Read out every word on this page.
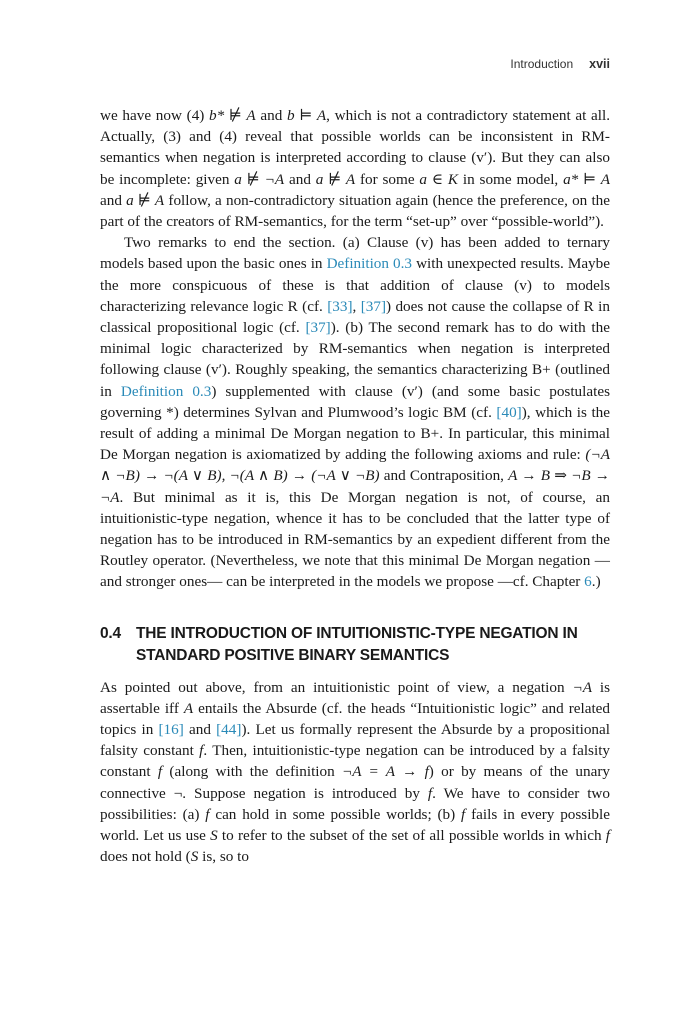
Introduction xvii

we have now (4) b* ⊭ A and b ⊨ A, which is not a contradictory statement at all. Actually, (3) and (4) reveal that possible worlds can be inconsistent in RM-semantics when negation is interpreted according to clause (v′). But they can also be incomplete: given a ⊭ ¬A and a ⊭ A for some a ∈ K in some model, a* ⊨ A and a ⊭ A follow, a non-contradictory situation again (hence the preference, on the part of the creators of RM-semantics, for the term “set-up” over “possible-world”).

Two remarks to end the section. (a) Clause (v) has been added to ternary models based upon the basic ones in Definition 0.3 with unexpected results. Maybe the more conspicuous of these is that addition of clause (v) to models characterizing relevance logic R (cf. [33], [37]) does not cause the collapse of R in classical propositional logic (cf. [37]). (b) The second remark has to do with the minimal logic characterized by RM-semantics when negation is interpreted following clause (v′). Roughly speaking, the semantics characterizing B+ (outlined in Definition 0.3) supplemented with clause (v′) (and some basic postulates governing *) determines Sylvan and Plumwood’s logic BM (cf. [40]), which is the result of adding a minimal De Morgan negation to B+. In particular, this minimal De Morgan negation is axiomatized by adding the following axioms and rule: (¬A ∧ ¬B) → ¬(A ∨ B), ¬(A ∧ B) → (¬A ∨ ¬B) and Contraposition, A → B ⇒ ¬B → ¬A. But minimal as it is, this De Morgan negation is not, of course, an intuitionistic-type negation, whence it has to be concluded that the latter type of negation has to be introduced in RM-semantics by an expedient different from the Routley operator. (Nevertheless, we note that this minimal De Morgan negation —and stronger ones— can be interpreted in the models we propose —cf. Chapter 6.)

0.4 THE INTRODUCTION OF INTUITIONISTIC-TYPE NEGATION IN STANDARD POSITIVE BINARY SEMANTICS

As pointed out above, from an intuitionistic point of view, a negation ¬A is assertable iff A entails the Absurde (cf. the heads “Intuitionistic logic” and related topics in [16] and [44]). Let us formally represent the Absurde by a propositional falsity constant f. Then, intuitionistic-type negation can be introduced by a falsity constant f (along with the definition ¬A = A → f) or by means of the unary connective ¬. Suppose negation is introduced by f. We have to consider two possibilities: (a) f can hold in some possible worlds; (b) f fails in every possible world. Let us use S to refer to the subset of the set of all possible worlds in which f does not hold (S is, so to
